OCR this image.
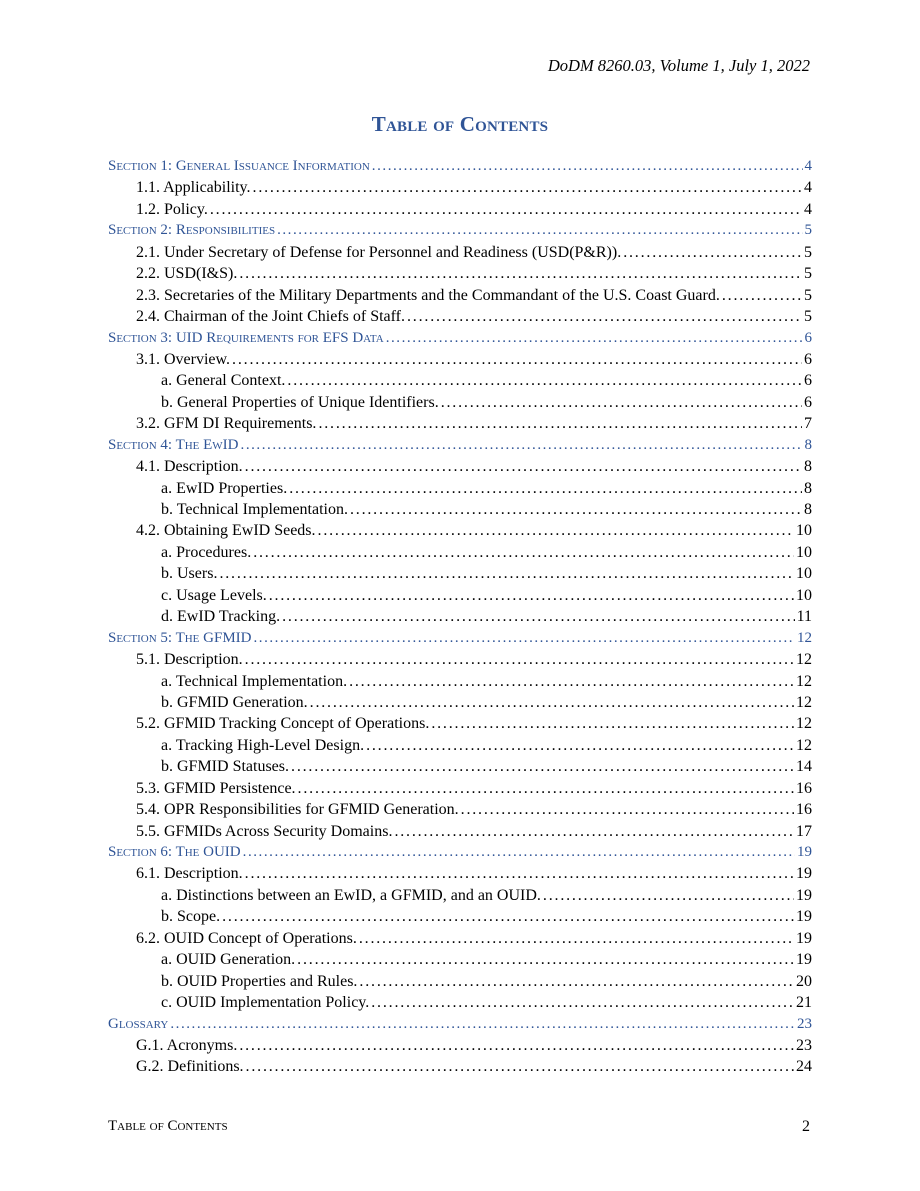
DoDM 8260.03, Volume 1, July 1, 2022
Table of Contents
Section 1: General Issuance Information . . .	4
1.1. Applicability. . . .	4
1.2. Policy. . . .	4
Section 2: Responsibilities . . .	5
2.1. Under Secretary of Defense for Personnel and Readiness (USD(P&R)). . . .	5
2.2. USD(I&S). . . .	5
2.3. Secretaries of the Military Departments and the Commandant of the U.S. Coast Guard. . . .	5
2.4. Chairman of the Joint Chiefs of Staff. . . .	5
Section 3: UID Requirements for EFS Data . . .	6
3.1. Overview. . . .	6
a. General Context. . . .	6
b. General Properties of Unique Identifiers. . . .	6
3.2. GFM DI Requirements. . . .	7
Section 4: The EwID . . .	8
4.1. Description. . . .	8
a. EwID Properties. . . .	8
b. Technical Implementation. . . .	8
4.2. Obtaining EwID Seeds. . . .	10
a. Procedures. . . .	10
b. Users. . . .	10
c. Usage Levels. . . .	10
d. EwID Tracking. . . .	11
Section 5: The GFMID . . .	12
5.1. Description. . . .	12
a. Technical Implementation. . . .	12
b. GFMID Generation. . . .	12
5.2. GFMID Tracking Concept of Operations. . . .	12
a. Tracking High-Level Design. . . .	12
b. GFMID Statuses. . . .	14
5.3. GFMID Persistence. . . .	16
5.4. OPR Responsibilities for GFMID Generation. . . .	16
5.5. GFMIDs Across Security Domains. . . .	17
Section 6: The OUID . . .	19
6.1. Description. . . .	19
a. Distinctions between an EwID, a GFMID, and an OUID. . . .	19
b. Scope. . . .	19
6.2. OUID Concept of Operations. . . .	19
a. OUID Generation. . . .	19
b. OUID Properties and Rules. . . .	20
c. OUID Implementation Policy. . . .	21
Glossary . . .	23
G.1. Acronyms. . . .	23
G.2. Definitions. . . .	24
Table of Contents	2
